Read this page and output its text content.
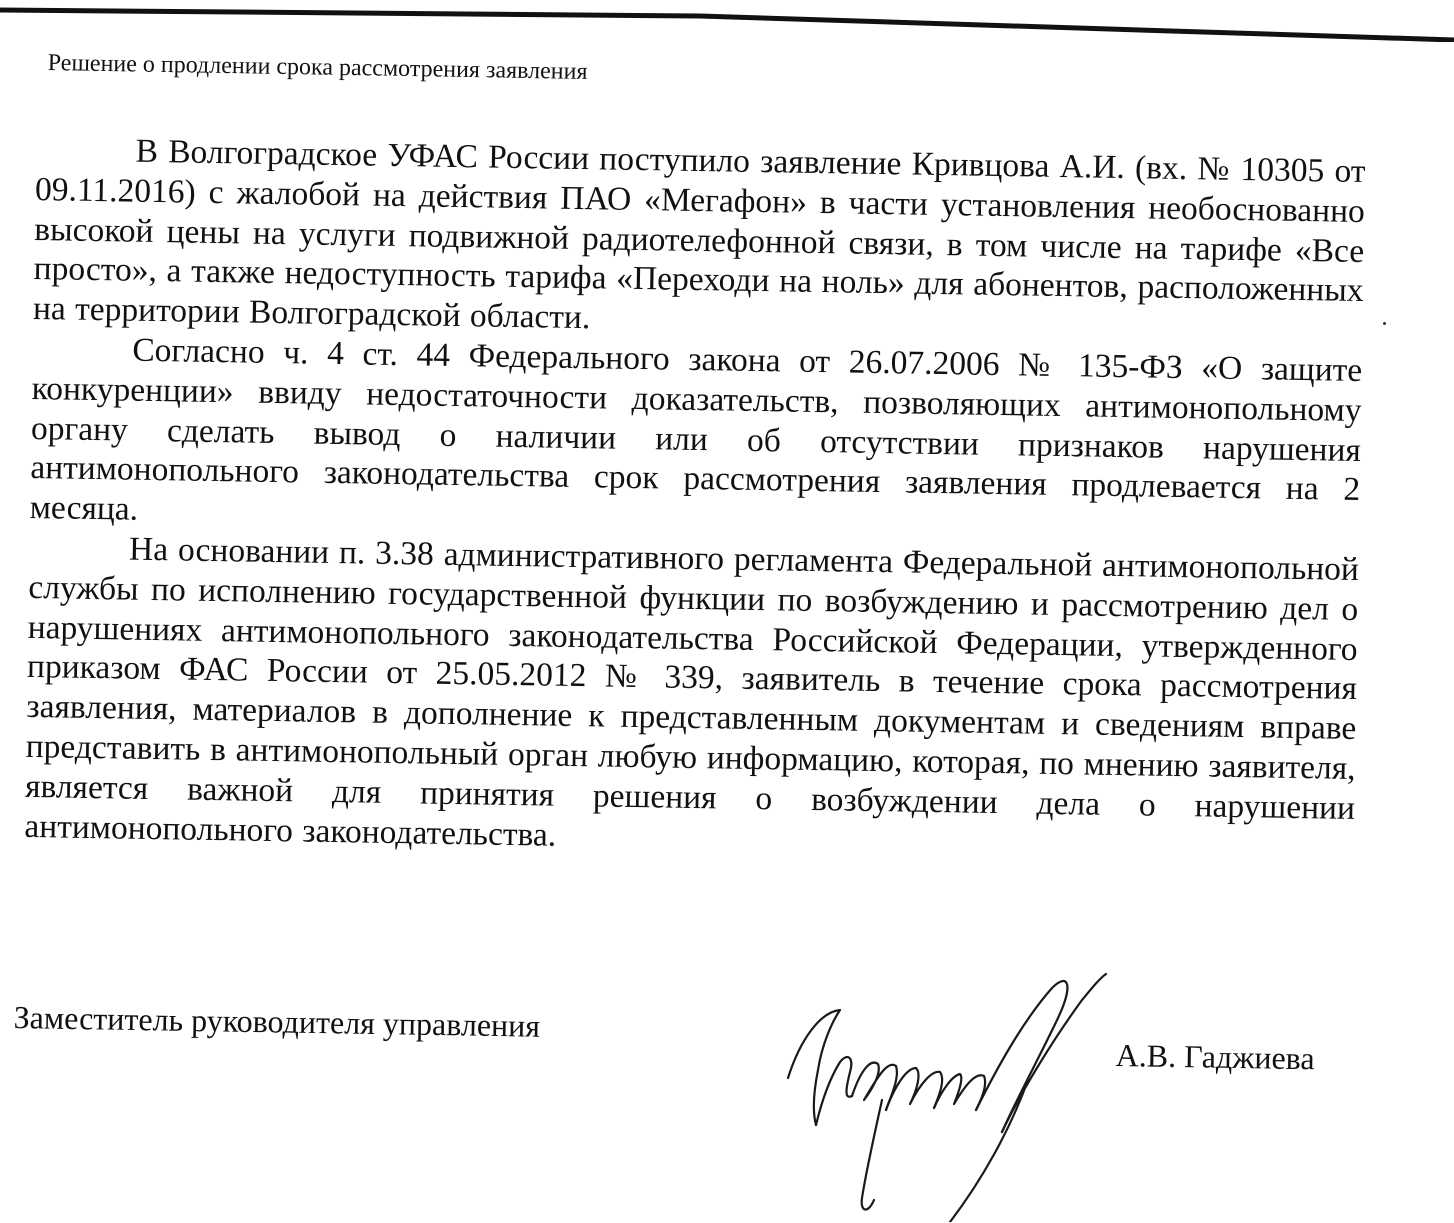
Решение о продлении срока рассмотрения заявления

В Волгоградское УФАС России поступило заявление Кривцова А.И. (вх. № 10305 от 09.11.2016) с жалобой на действия ПАО «Мегафон» в части установления необоснованно высокой цены на услуги подвижной радиотелефонной связи, в том числе на тарифе «Все просто», а также недоступность тарифа «Переходи на ноль» для абонентов, расположенных на территории Волгоградской области.

Согласно ч. 4 ст. 44 Федерального закона от 26.07.2006 № 135-ФЗ «О защите конкуренции» ввиду недостаточности доказательств, позволяющих антимонопольному органу сделать вывод о наличии или об отсутствии признаков нарушения антимонопольного законодательства срок рассмотрения заявления продлевается на 2 месяца.

На основании п. 3.38 административного регламента Федеральной антимонопольной службы по исполнению государственной функции по возбуждению и рассмотрению дел о нарушениях антимонопольного законодательства Российской Федерации, утвержденного приказом ФАС России от 25.05.2012 № 339, заявитель в течение срока рассмотрения заявления, материалов в дополнение к представленным документам и сведениям вправе представить в антимонопольный орган любую информацию, которая, по мнению заявителя, является важной для принятия решения о возбуждении дела о нарушении антимонопольного законодательства.

Заместитель руководителя управления
А.В. Гаджиева
